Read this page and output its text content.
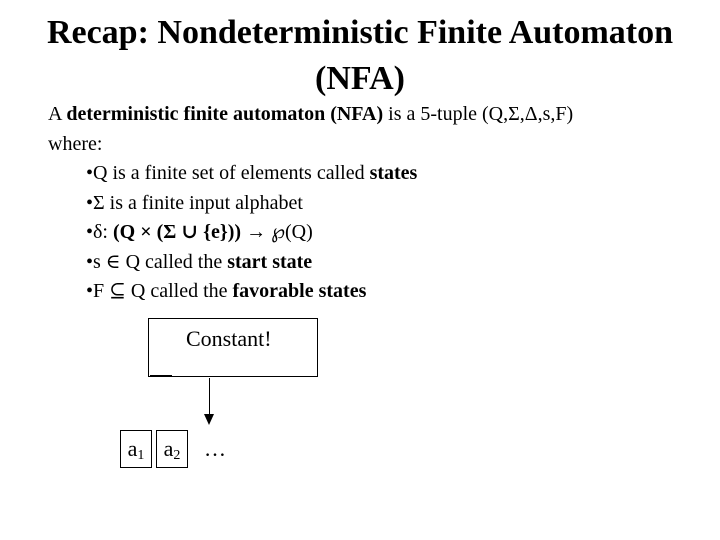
Recap: Nondeterministic Finite Automaton
(NFA)
A deterministic finite automaton (NFA) is a 5-tuple (Q,Σ,Δ,s,F)
where:
•Q is a finite set of elements called states
•Σ is a finite input alphabet
•δ: (Q × (Σ ∪ {e})) → ℘(Q)
•s ∈ Q called the start state
•F ⊆ Q called the favorable states
Constant!
$a_1$ $a_2$	…
